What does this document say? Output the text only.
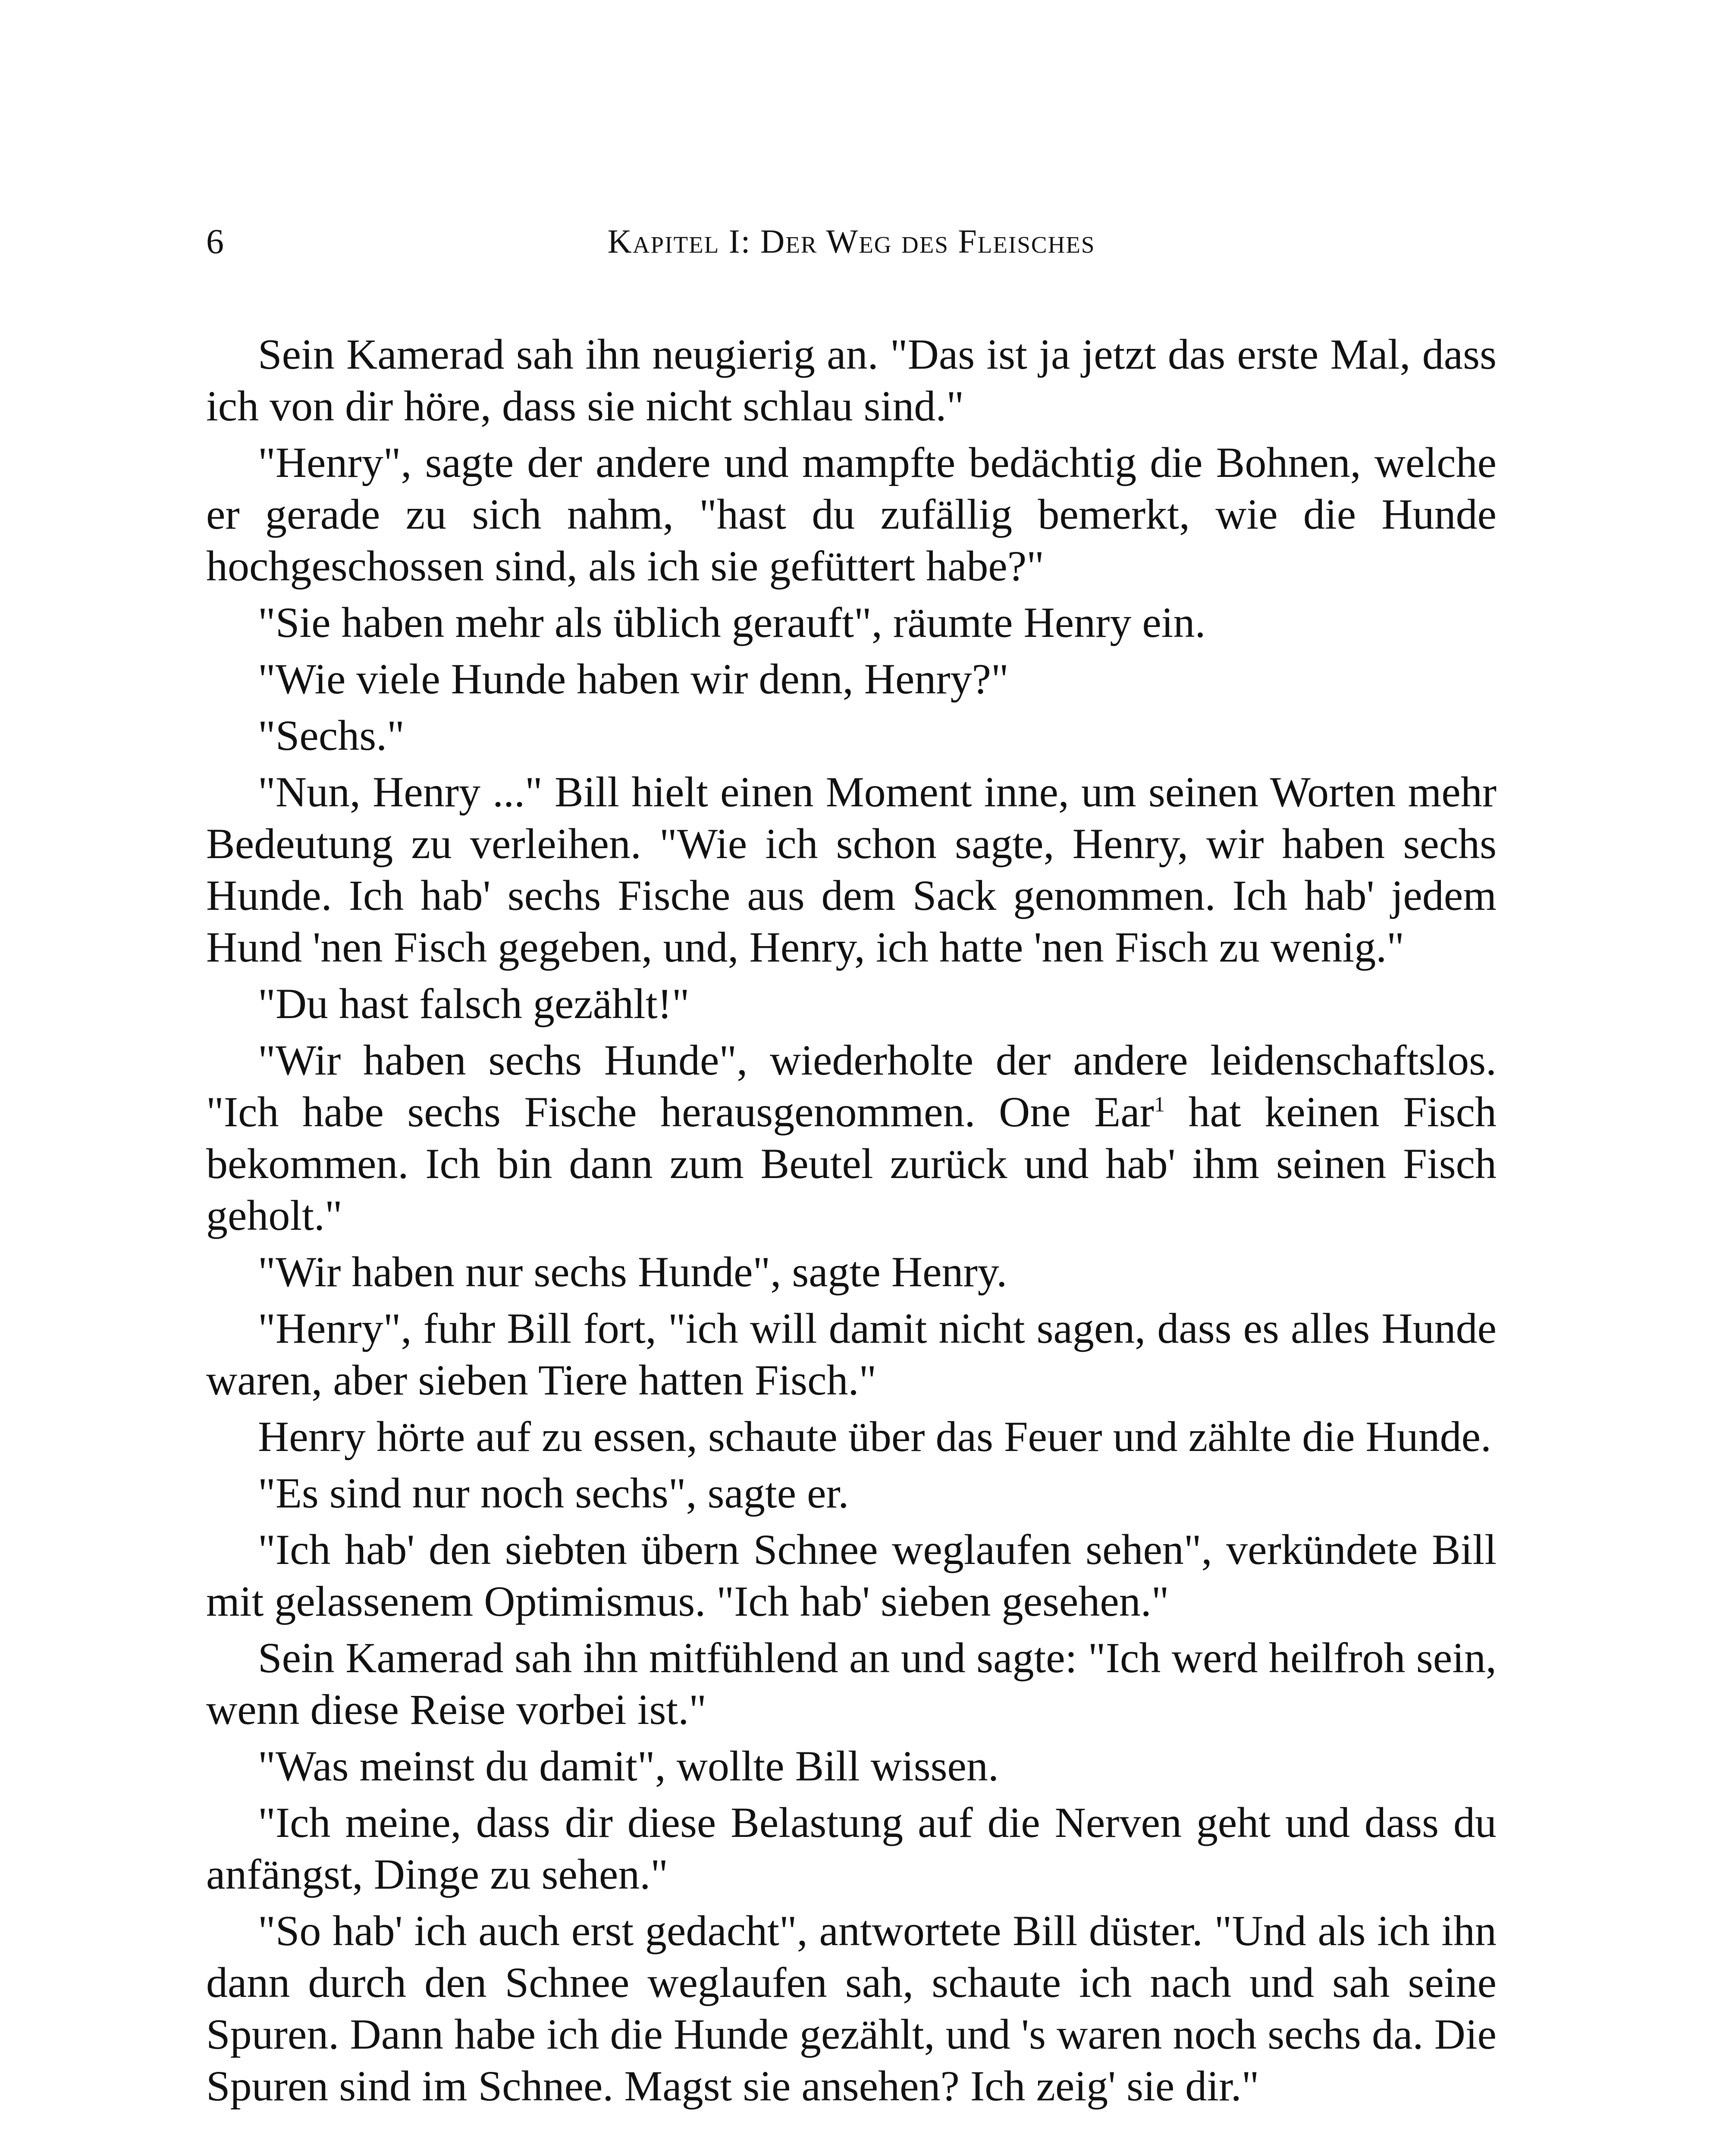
6	Kapitel I: Der Weg des Fleisches

Sein Kamerad sah ihn neugierig an. "Das ist ja jetzt das erste Mal, dass ich von dir höre, dass sie nicht schlau sind."

"Henry", sagte der andere und mampfte bedächtig die Bohnen, welche er gerade zu sich nahm, "hast du zufällig bemerkt, wie die Hunde hochgeschossen sind, als ich sie gefüttert habe?"

"Sie haben mehr als üblich gerauft", räumte Henry ein.

"Wie viele Hunde haben wir denn, Henry?"

"Sechs."

"Nun, Henry ..." Bill hielt einen Moment inne, um seinen Worten mehr Bedeutung zu verleihen. "Wie ich schon sagte, Henry, wir haben sechs Hunde. Ich hab' sechs Fische aus dem Sack genommen. Ich hab' jedem Hund 'nen Fisch gegeben, und, Henry, ich hatte 'nen Fisch zu wenig."

"Du hast falsch gezählt!"

"Wir haben sechs Hunde", wiederholte der andere leidenschaftslos. "Ich habe sechs Fische herausgenommen. One Ear$^1$ hat keinen Fisch bekommen. Ich bin dann zum Beutel zurück und hab' ihm seinen Fisch geholt."

"Wir haben nur sechs Hunde", sagte Henry.

"Henry", fuhr Bill fort, "ich will damit nicht sagen, dass es alles Hunde waren, aber sieben Tiere hatten Fisch."

Henry hörte auf zu essen, schaute über das Feuer und zählte die Hunde.

"Es sind nur noch sechs", sagte er.

"Ich hab' den siebten übern Schnee weglaufen sehen", verkündete Bill mit gelassenem Optimismus. "Ich hab' sieben gesehen."

Sein Kamerad sah ihn mitfühlend an und sagte: "Ich werd heilfroh sein, wenn diese Reise vorbei ist."

"Was meinst du damit", wollte Bill wissen.

"Ich meine, dass dir diese Belastung auf die Nerven geht und dass du anfängst, Dinge zu sehen."

"So hab' ich auch erst gedacht", antwortete Bill düster. "Und als ich ihn dann durch den Schnee weglaufen sah, schaute ich nach und sah seine Spuren. Dann habe ich die Hunde gezählt, und 's waren noch sechs da. Die Spuren sind im Schnee. Magst sie ansehen? Ich zeig' sie dir."
